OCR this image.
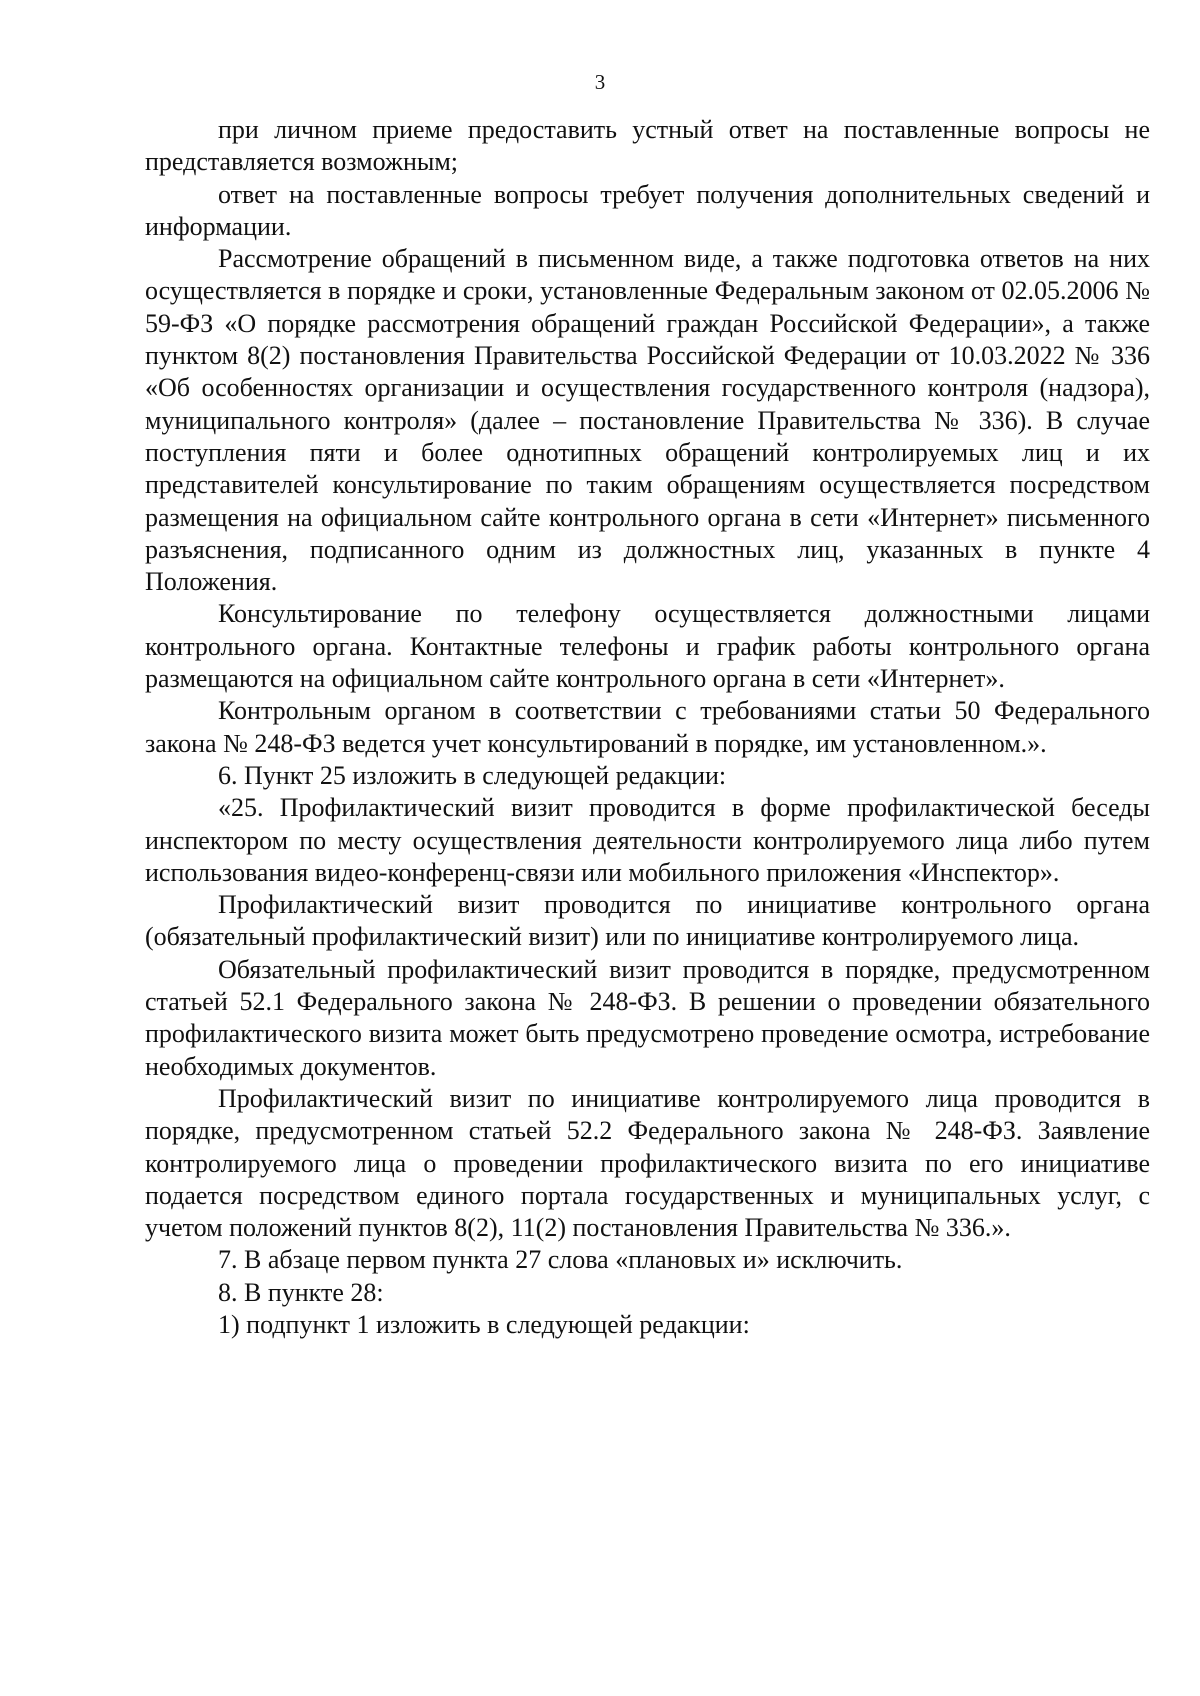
3

при личном приеме предоставить устный ответ на поставленные вопросы не представляется возможным;

ответ на поставленные вопросы требует получения дополнительных сведений и информации.

Рассмотрение обращений в письменном виде, а также подготовка ответов на них осуществляется в порядке и сроки, установленные Федеральным законом от 02.05.2006 № 59-ФЗ «О порядке рассмотрения обращений граждан Российской Федерации», а также пунктом 8(2) постановления Правительства Российской Федерации от 10.03.2022 № 336 «Об особенностях организации и осуществления государственного контроля (надзора), муниципального контроля» (далее – постановление Правительства № 336). В случае поступления пяти и более однотипных обращений контролируемых лиц и их представителей консультирование по таким обращениям осуществляется посредством размещения на официальном сайте контрольного органа в сети «Интернет» письменного разъяснения, подписанного одним из должностных лиц, указанных в пункте 4 Положения.

Консультирование по телефону осуществляется должностными лицами контрольного органа. Контактные телефоны и график работы контрольного органа размещаются на официальном сайте контрольного органа в сети «Интернет».

Контрольным органом в соответствии с требованиями статьи 50 Федерального закона № 248-ФЗ ведется учет консультирований в порядке, им установленном.».

6. Пункт 25 изложить в следующей редакции:

«25. Профилактический визит проводится в форме профилактической беседы инспектором по месту осуществления деятельности контролируемого лица либо путем использования видео-конференц-связи или мобильного приложения «Инспектор».

Профилактический визит проводится по инициативе контрольного органа (обязательный профилактический визит) или по инициативе контролируемого лица.

Обязательный профилактический визит проводится в порядке, предусмотренном статьей 52.1 Федерального закона № 248-ФЗ. В решении о проведении обязательного профилактического визита может быть предусмотрено проведение осмотра, истребование необходимых документов.

Профилактический визит по инициативе контролируемого лица проводится в порядке, предусмотренном статьей 52.2 Федерального закона № 248-ФЗ. Заявление контролируемого лица о проведении профилактического визита по его инициативе подается посредством единого портала государственных и муниципальных услуг, с учетом положений пунктов 8(2), 11(2) постановления Правительства № 336.».

7. В абзаце первом пункта 27 слова «плановых и» исключить.

8. В пункте 28:

1) подпункт 1 изложить в следующей редакции:
